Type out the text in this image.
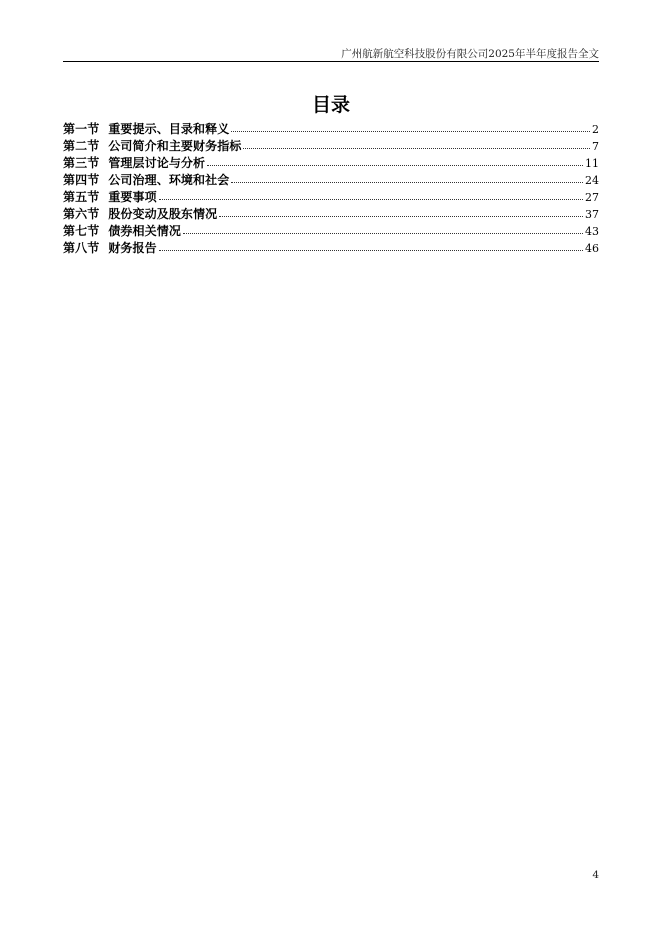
广州航新航空科技股份有限公司2025年半年度报告全文
目录
第一节 重要提示、目录和释义	2
第二节 公司简介和主要财务指标	7
第三节 管理层讨论与分析	11
第四节 公司治理、环境和社会	24
第五节 重要事项	27
第六节 股份变动及股东情况	37
第七节 债券相关情况	43
第八节 财务报告	46
4
